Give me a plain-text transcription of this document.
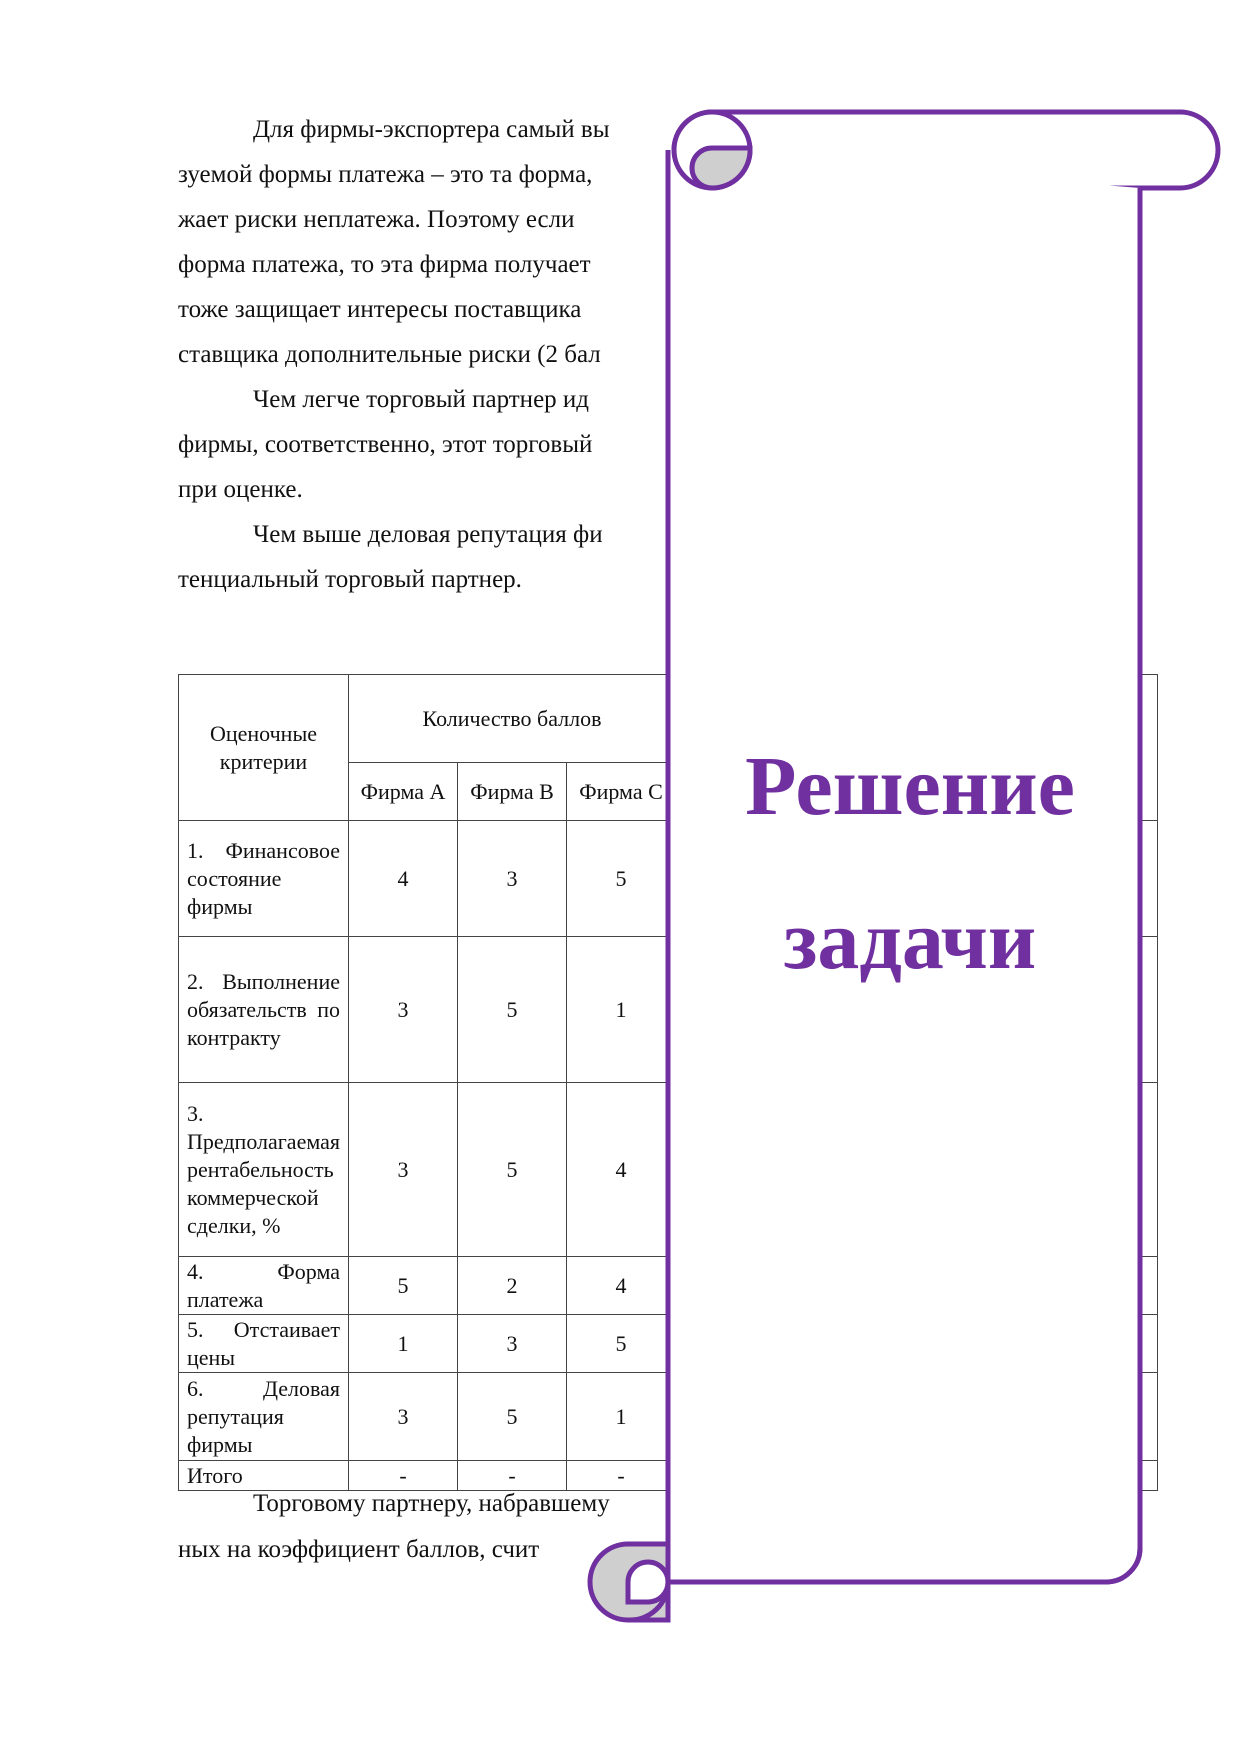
Для фирмы-экспортера самый вы
зуемой формы платежа – это та форма,
жает риски неплатежа. Поэтому если
форма платежа, то эта фирма получает
тоже защищает интересы поставщика
ставщика дополнительные риски (2 бал
Чем легче торговый партнер ид
фирмы, соответственно, этот торговый
при оценке.
Чем выше деловая репутация фи
тенциальный торговый партнер.
Оценочные критерии	Количество баллов			
	Фирма А	Фирма В	Фирма С	
1. Финансовое состояние фирмы	4	3	5	
2. Выполнение обязательств по контракту	3	5	1	
3. Предполагаемая рентабельность коммерческой сделки, %	3	5	4	
4. Форма платежа	5	2	4	
5. Отстаивает цены	1	3	5	
6. Деловая репутация фирмы	3	5	1	
Итого	-	-	-	
Торговому партнеру, набравшему
ных на коэффициент баллов, счит
Решение
задачи
